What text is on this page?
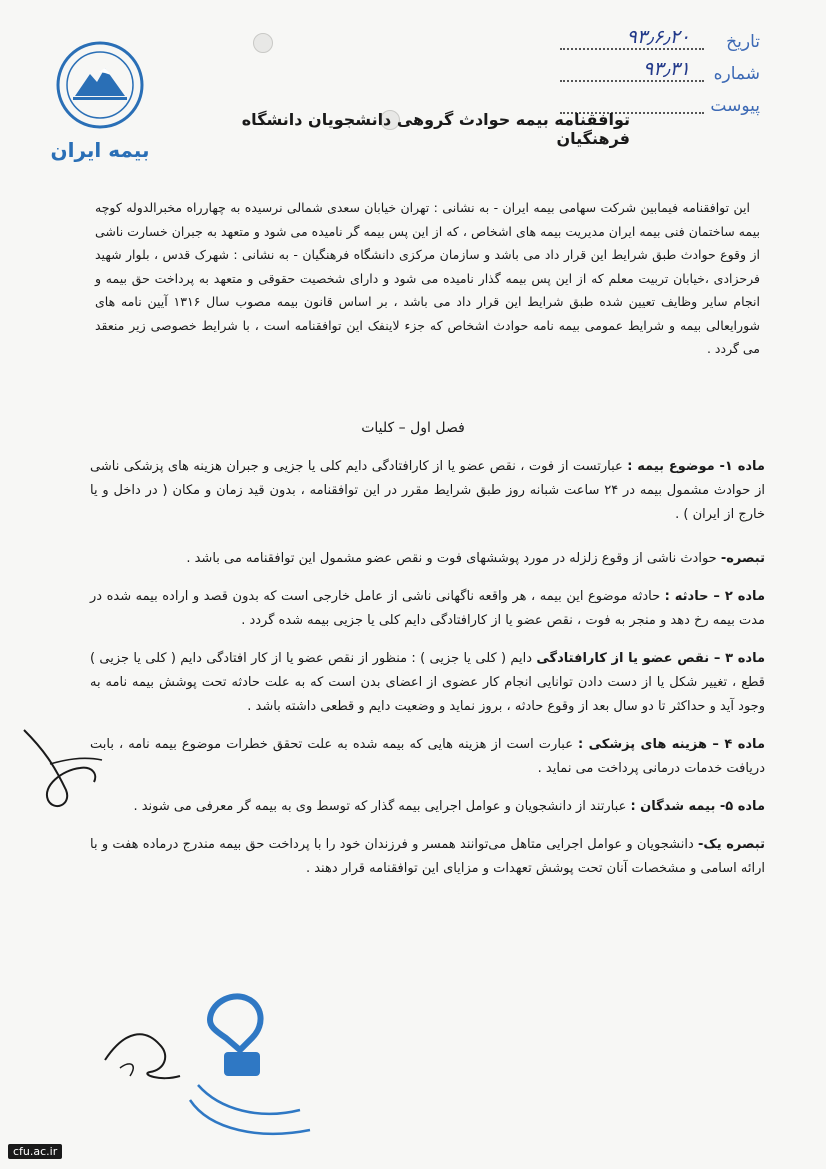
بیمه ایران
تاریخ
۹۳٫۶٫۲۰
شماره
۹۳٫۳۱
پیوست
توافقنامه بیمه حوادث گروهی دانشجویان دانشگاه فرهنگیان
این توافقنامه فیمابین شرکت سهامی بیمه ایران - به نشانی : تهران خیابان سعدی شمالی نرسیده به چهارراه مخبرالدوله کوچه بیمه ساختمان فنی بیمه ایران مدیریت بیمه های اشخاص ، که از این پس بیمه گر نامیده می شود و متعهد به جبران خسارت ناشی از وقوع حوادث طبق شرایط این قرار داد می باشد و سازمان مرکزی دانشگاه فرهنگیان - به نشانی : شهرک قدس ، بلوار شهید فرحزادی ،خیابان تربیت معلم که از این پس بیمه گذار نامیده می شود و دارای شخصیت حقوقی و متعهد به پرداخت حق بیمه و انجام سایر وظایف تعیین شده طبق شرایط این قرار داد می باشد ، بر اساس قانون بیمه مصوب سال ۱۳۱۶ آیین نامه های شورایعالی بیمه و شرایط عمومی بیمه نامه حوادث اشخاص که جزء لاینفک این توافقنامه است ، با شرایط خصوصی زیر منعقد می گردد .
فصل اول – کلیات
ماده ۱- موضوع بیمه : عبارتست از فوت ، نقص عضو یا از کارافتادگی دایم کلی یا جزیی و جبران هزینه های پزشکی ناشی از حوادث مشمول بیمه در ۲۴ ساعت شبانه روز طبق شرایط مقرر در این توافقنامه ، بدون قید زمان و مکان ( در داخل و یا خارج از ایران ) .
تبصره- حوادث ناشی از وقوع زلزله در مورد پوششهای فوت و نقص عضو مشمول این توافقنامه می باشد .
ماده ۲ – حادثه : حادثه موضوع این بیمه ، هر واقعه ناگهانی ناشی از عامل خارجی است که بدون قصد و اراده بیمه شده در مدت بیمه رخ دهد و منجر به فوت ، نقص عضو یا از کارافتادگی دایم کلی یا جزیی بیمه شده گردد .
ماده ۳ – نقص عضو یا از کارافتادگی دایم ( کلی یا جزیی ) : منظور از نقص عضو یا از کار افتادگی دایم ( کلی یا جزیی ) قطع ، تغییر شکل یا از دست دادن توانایی انجام کار عضوی از اعضای بدن است که به علت حادثه تحت پوشش بیمه نامه به وجود آید و حداکثر تا دو سال بعد از وقوع حادثه ، بروز نماید و وضعیت دایم و قطعی داشته باشد .
ماده ۴ – هزینه های پزشکی : عبارت است از هزینه هایی که بیمه شده به علت تحقق خطرات موضوع بیمه نامه ، بابت دریافت خدمات درمانی پرداخت می نماید .
ماده ۵- بیمه شدگان : عبارتند از دانشجویان و عوامل اجرایی بیمه گذار که توسط وی به بیمه گر معرفی می شوند .
تبصره یک- دانشجویان و عوامل اجرایی متاهل می‌توانند همسر و فرزندان خود را با پرداخت حق بیمه مندرج درماده هفت و با ارائه اسامی و مشخصات آنان تحت پوشش تعهدات و مزایای این توافقنامه قرار دهند .
cfu.ac.ir
